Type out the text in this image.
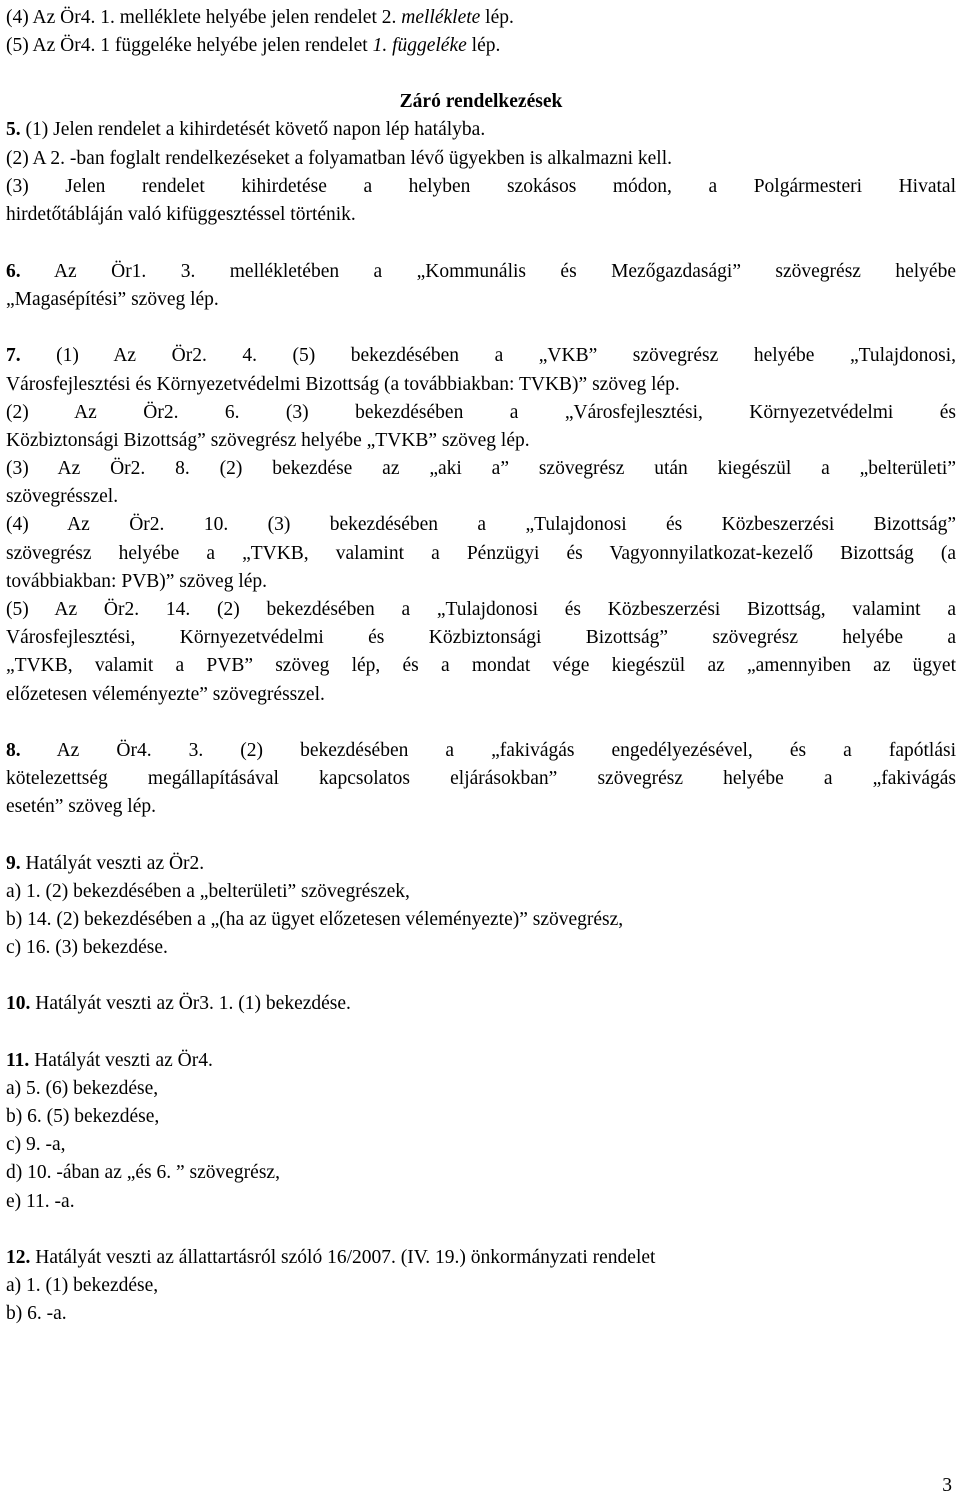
(4) Az Ör4. 1. melléklete helyébe jelen rendelet 2. melléklete lép.
(5) Az Ör4. 1 függeléke helyébe jelen rendelet 1. függeléke lép.
Záró rendelkezések
5. (1) Jelen rendelet a kihirdetését követő napon lép hatályba.
(2) A 2. -ban foglalt rendelkezéseket a folyamatban lévő ügyekben is alkalmazni kell.
(3) Jelen rendelet kihirdetése a helyben szokásos módon, a Polgármesteri Hivatal
hirdetőtábláján való kifüggesztéssel történik.
6. Az Ör1. 3. mellékletében a „Kommunális és Mezőgazdasági” szövegrész helyébe
„Magasépítési” szöveg lép.
7. (1) Az Ör2. 4. (5) bekezdésében a „VKB” szövegrész helyébe „Tulajdonosi,
Városfejlesztési és Környezetvédelmi Bizottság (a továbbiakban: TVKB)” szöveg lép.
(2) Az Ör2. 6. (3) bekezdésében a „Városfejlesztési, Környezetvédelmi és
Közbiztonsági Bizottság” szövegrész helyébe „TVKB” szöveg lép.
(3) Az Ör2. 8. (2) bekezdése az „aki a” szövegrész után kiegészül a „belterületi”
szövegrésszel.
(4) Az Ör2. 10. (3) bekezdésében a „Tulajdonosi és Közbeszerzési Bizottság”
szövegrész helyébe a „TVKB, valamint a Pénzügyi és Vagyonnyilatkozat-kezelő Bizottság (a
továbbiakban: PVB)” szöveg lép.
(5) Az Ör2. 14. (2) bekezdésében a „Tulajdonosi és Közbeszerzési Bizottság, valamint a
Városfejlesztési, Környezetvédelmi és Közbiztonsági Bizottság” szövegrész helyébe a
„TVKB, valamit a PVB” szöveg lép, és a mondat vége kiegészül az „amennyiben az ügyet
előzetesen véleményezte” szövegrésszel.
8. Az Ör4. 3. (2) bekezdésében a „fakivágás engedélyezésével, és a fapótlási
kötelezettség megállapításával kapcsolatos eljárásokban” szövegrész helyébe a „fakivágás
esetén” szöveg lép.
9. Hatályát veszti az Ör2.
a) 1. (2) bekezdésében a „belterületi” szövegrészek,
b) 14. (2) bekezdésében a „(ha az ügyet előzetesen véleményezte)” szövegrész,
c) 16. (3) bekezdése.
10. Hatályát veszti az Ör3. 1. (1) bekezdése.
11. Hatályát veszti az Ör4.
a) 5. (6) bekezdése,
b) 6. (5) bekezdése,
c) 9. -a,
d) 10. -ában az „és 6. ” szövegrész,
e) 11. -a.
12. Hatályát veszti az állattartásról szóló 16/2007. (IV. 19.) önkormányzati rendelet
a) 1. (1) bekezdése,
b) 6. -a.
3
